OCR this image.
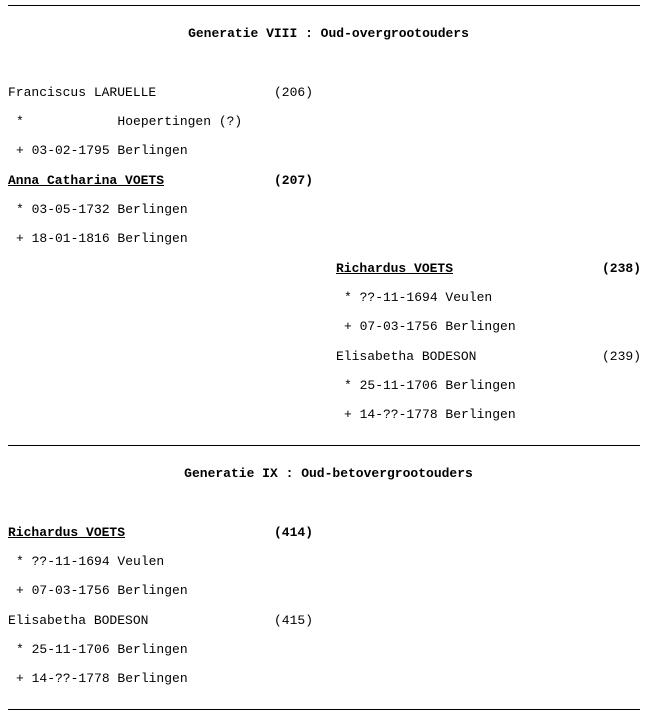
Generatie VIII : Oud-overgrootouders
Franciscus LARUELLE	(206)
*            Hoepertingen (?)
+ 03-02-1795 Berlingen
Anna Catharina VOETS	(207)
* 03-05-1732 Berlingen
+ 18-01-1816 Berlingen
Richardus VOETS	(238)
* ??-11-1694 Veulen
+ 07-03-1756 Berlingen
Elisabetha BODESON	(239)
* 25-11-1706 Berlingen
+ 14-??-1778 Berlingen
Generatie IX : Oud-betovergrootouders
Richardus VOETS	(414)
* ??-11-1694 Veulen
+ 07-03-1756 Berlingen
Elisabetha BODESON	(415)
* 25-11-1706 Berlingen
+ 14-??-1778 Berlingen
